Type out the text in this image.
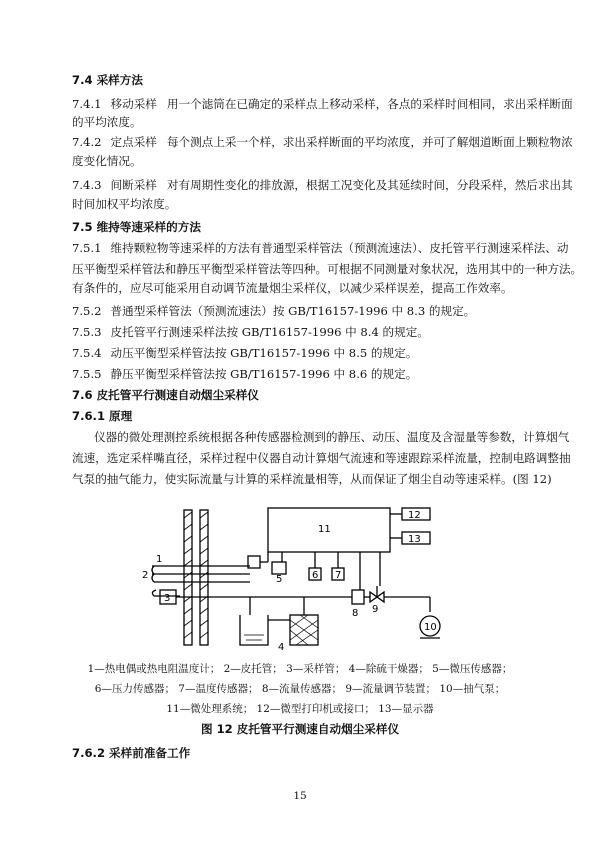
7.4 采样方法
7.4.1 移动采样 用一个滤筒在已确定的采样点上移动采样，各点的采样时间相同，求出采样断面
的平均浓度。
7.4.2 定点采样 每个测点上采一个样，求出采样断面的平均浓度，并可了解烟道断面上颗粒物浓
度变化情况。
7.4.3 间断采样 对有周期性变化的排放源，根据工况变化及其延续时间，分段采样，然后求出其
时间加权平均浓度。
7.5 维持等速采样的方法
7.5.1 维持颗粒物等速采样的方法有普通型采样管法（预测流速法）、皮托管平行测速采样法、动
压平衡型采样管法和静压平衡型采样管法等四种。可根据不同测量对象状况，选用其中的一种方法。
有条件的，应尽可能采用自动调节流量烟尘采样仪，以减少采样误差，提高工作效率。
7.5.2 普通型采样管法（预测流速法）按 GB/T16157-1996 中 8.3 的规定。
7.5.3 皮托管平行测速采样法按 GB/T16157-1996 中 8.4 的规定。
7.5.4 动压平衡型采样管法按 GB/T16157-1996 中 8.5 的规定。
7.5.5 静压平衡型采样管法按 GB/T16157-1996 中 8.6 的规定。
7.6 皮托管平行测速自动烟尘采样仪
7.6.1 原理
仪器的微处理测控系统根据各种传感器检测到的静压、动压、温度及含湿量等参数，计算烟气
流速，选定采样嘴直径，采样过程中仪器自动计算烟气流速和等速跟踪采样流量，控制电路调整抽
气泵的抽气能力，使实际流量与计算的采样流量相等，从而保证了烟尘自动等速采样。(图 12)
1
2
3
4
5	6 7
8 9
10
11
12
13
1—热电偶或热电阻温度计； 2—皮托管； 3—采样管； 4—除硫干燥器； 5—微压传感器；
6—压力传感器； 7—温度传感器； 8—流量传感器； 9—流量调节装置； 10—抽气泵；
11—微处理系统； 12—微型打印机或接口； 13—显示器
图 12 皮托管平行测速自动烟尘采样仪
7.6.2 采样前准备工作
15
